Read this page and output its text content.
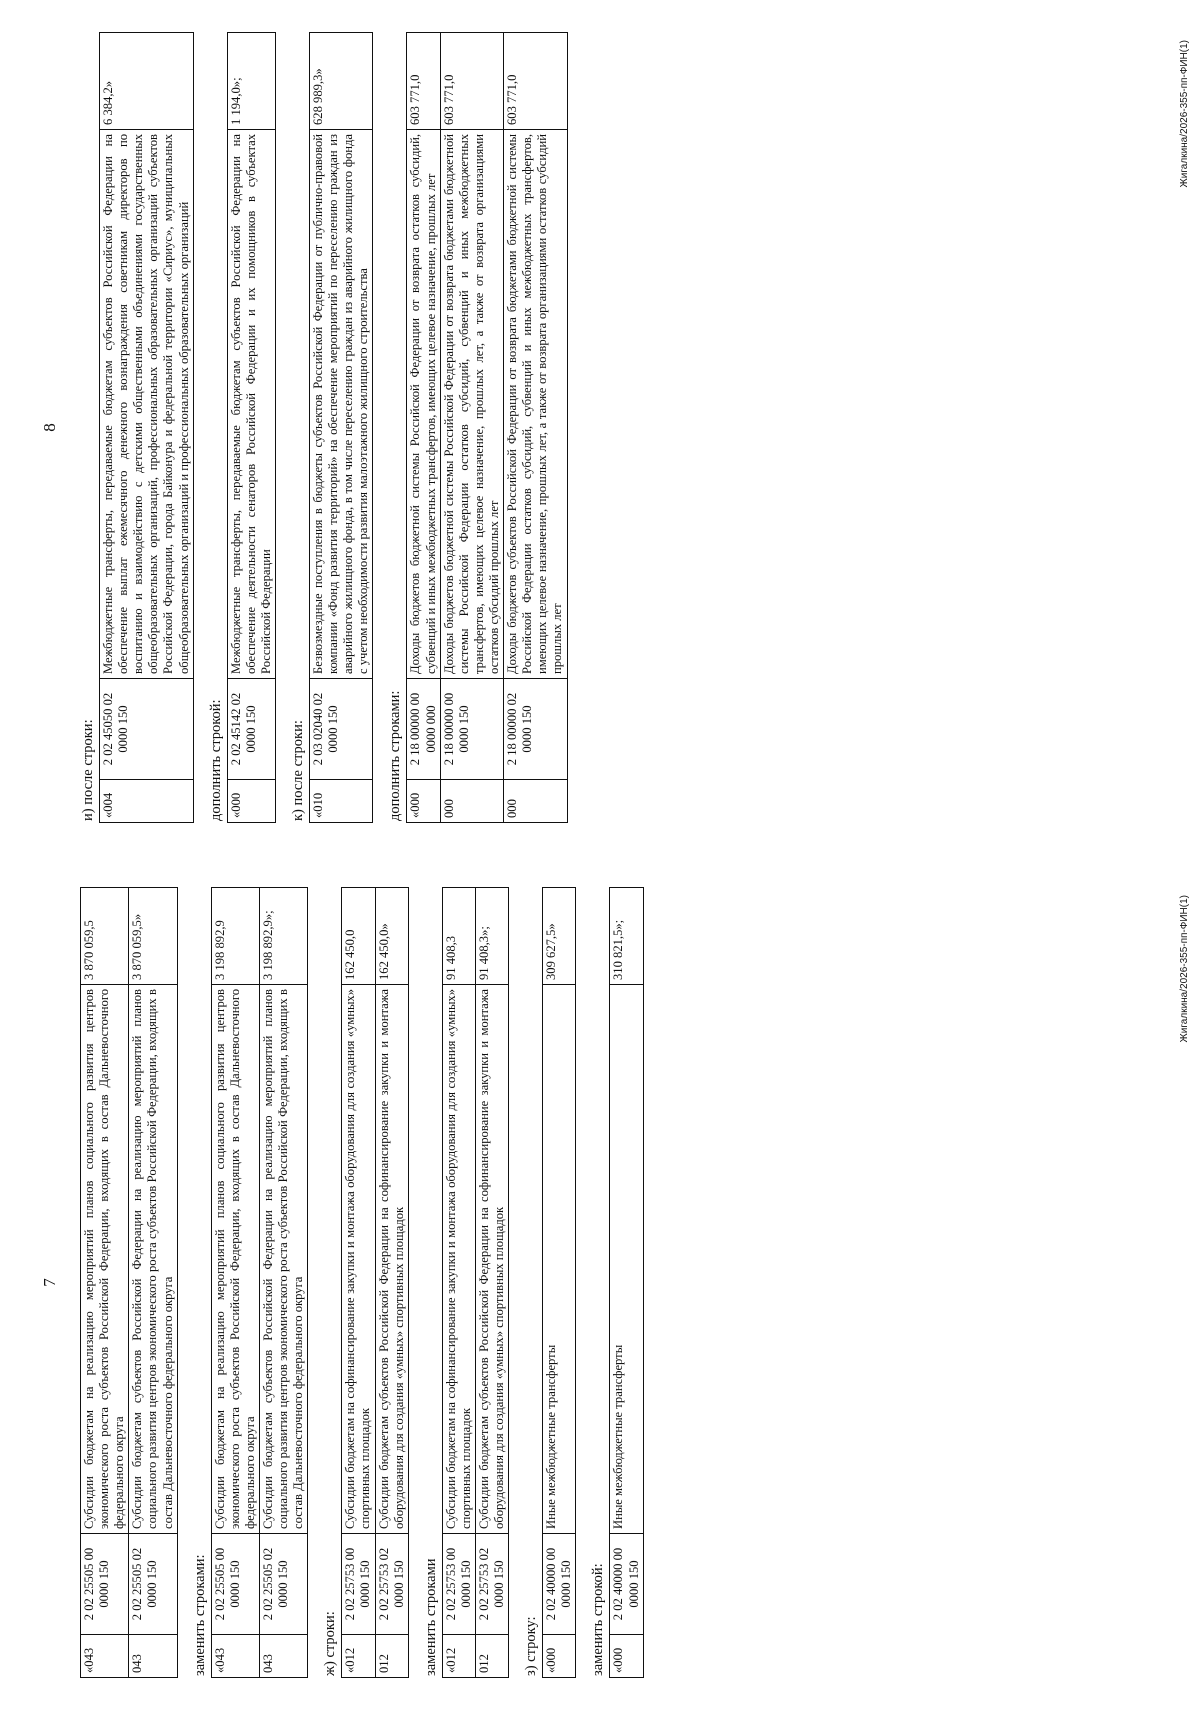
7
«043	2 02 25505 00 0000 150	Субсидии бюджетам на реализацию мероприятий планов социального развития центров экономического роста субъектов Российской Федерации, входящих в состав Дальневосточного федерального округа	3 870 059,5
043	2 02 25505 02 0000 150	Субсидии бюджетам субъектов Российской Федерации на реализацию мероприятий планов социального развития центров экономического роста субъектов Российской Федерации, входящих в состав Дальневосточного федерального округа	3 870 059,5»
заменить строками: «043	2 02 25505 00 0000 150	Субсидии бюджетам на реализацию мероприятий планов социального развития центров экономического роста субъектов Российской Федерации, входящих в состав Дальневосточного федерального округа	3 198 892,9
043	2 02 25505 02 0000 150	Субсидии бюджетам субъектов Российской Федерации на реализацию мероприятий планов социального развития центров экономического роста субъектов Российской Федерации, входящих в состав Дальневосточного федерального округа	3 198 892,9»;
ж) строки: «012	2 02 25753 00 0000 150	Субсидии бюджетам на софинансирование закупки и монтажа оборудования для создания «умных» спортивных площадок	162 450,0
012	2 02 25753 02 0000 150	Субсидии бюджетам субъектов Российской Федерации на софинансирование закупки и монтажа оборудования для создания «умных» спортивных площадок	162 450,0»
заменить строками «012	2 02 25753 00 0000 150	Субсидии бюджетам на софинансирование закупки и монтажа оборудования для создания «умных» спортивных площадок	91 408,3
012	2 02 25753 02 0000 150	Субсидии бюджетам субъектов Российской Федерации на софинансирование закупки и монтажа оборудования для создания «умных» спортивных площадок	91 408,3»;
з) строку: «000	2 02 40000 00 0000 150	Иные межбюджетные трансферты	309 627,5»
заменить строкой: «000	2 02 40000 00 0000 150	Иные межбюджетные трансферты	310 821,5»;	Жигалкина/2026-355-пп-ФИН(1)
8
и) после строки: «004	2 02 45050 02 0000 150	Межбюджетные трансферты, передаваемые бюджетам субъектов Российской Федерации на обеспечение выплат ежемесячного денежного вознаграждения советникам директоров по воспитанию и взаимодействию с детскими общественными объединениями государственных общеобразовательных организаций, профессиональных образовательных организаций субъектов Российской Федерации, города Байконура и федеральной территории «Сириус», муниципальных общеобразовательных организаций и профессиональных образовательных организаций	6 384,2»
дополнить строкой: «000	2 02 45142 02 0000 150	Межбюджетные трансферты, передаваемые бюджетам субъектов Российской Федерации на обеспечение деятельности сенаторов Российской Федерации и их помощников в субъектах Российской Федерации	1 194,0»;
к) после строки: «010	2 03 02040 02 0000 150	Безвозмездные поступления в бюджеты субъектов Российской Федерации от публично-правовой компании «Фонд развития территорий» на обеспечение мероприятий по переселению граждан из аварийного жилищного фонда, в том числе переселению граждан из аварийного жилищного фонда с учетом необходимости развития малоэтажного жилищного строительства	628 989,3»
дополнить строками: «000	2 18 00000 00 0000 000	Доходы бюджетов бюджетной системы Российской Федерации от возврата остатков субсидий, субвенций и иных межбюджетных трансфертов, имеющих целевое назначение, прошлых лет	603 771,0
000	2 18 00000 00 0000 150	Доходы бюджетов бюджетной системы Российской Федерации от возврата бюджетами бюджетной системы Российской Федерации остатков субсидий, субвенций и иных межбюджетных трансфертов, имеющих целевое назначение, прошлых лет, а также от возврата организациями остатков субсидий прошлых лет	603 771,0
000	2 18 00000 02 0000 150	Доходы бюджетов субъектов Российской Федерации от возврата бюджетами бюджетной системы Российской Федерации остатков субсидий, субвенций и иных межбюджетных трансфертов, имеющих целевое назначение, прошлых лет, а также от возврата организациями остатков субсидий прошлых лет	603 771,0	Жигалкина/2026-355-пп-ФИН(1)
